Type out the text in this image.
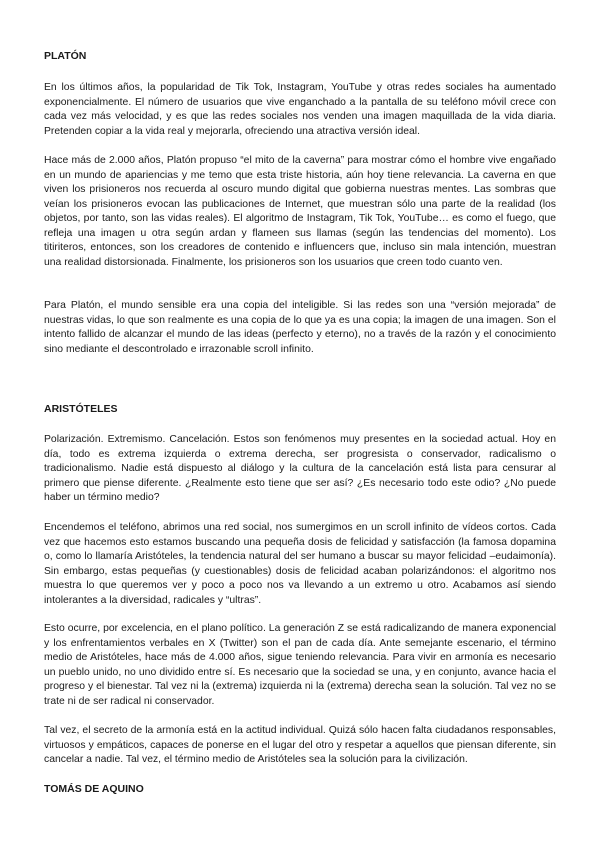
PLATÓN

En los últimos años, la popularidad de Tik Tok, Instagram, YouTube y otras redes sociales ha aumentado exponencialmente. El número de usuarios que vive enganchado a la pantalla de su teléfono móvil crece con cada vez más velocidad, y es que las redes sociales nos venden una imagen maquillada de la vida diaria. Pretenden copiar a la vida real y mejorarla, ofreciendo una atractiva versión ideal.

Hace más de 2.000 años, Platón propuso “el mito de la caverna” para mostrar cómo el hombre vive engañado en un mundo de apariencias y me temo que esta triste historia, aún hoy tiene relevancia. La caverna en que viven los prisioneros nos recuerda al oscuro mundo digital que gobierna nuestras mentes. Las sombras que veían los prisioneros evocan las publicaciones de Internet, que muestran sólo una parte de la realidad (los objetos, por tanto, son las vidas reales). El algoritmo de Instagram, Tik Tok, YouTube… es como el fuego, que refleja una imagen u otra según ardan y flameen sus llamas (según las tendencias del momento). Los titiriteros, entonces, son los creadores de contenido e influencers que, incluso sin mala intención, muestran una realidad distorsionada. Finalmente, los prisioneros son los usuarios que creen todo cuanto ven.

Para Platón, el mundo sensible era una copia del inteligible. Si las redes son una “versión mejorada” de nuestras vidas, lo que son realmente es una copia de lo que ya es una copia; la imagen de una imagen. Son el intento fallido de alcanzar el mundo de las ideas (perfecto y eterno), no a través de la razón y el conocimiento sino mediante el descontrolado e irrazonable scroll infinito.

ARISTÓTELES

Polarización. Extremismo. Cancelación. Estos son fenómenos muy presentes en la sociedad actual. Hoy en día, todo es extrema izquierda o extrema derecha, ser progresista o conservador, radicalismo o tradicionalismo. Nadie está dispuesto al diálogo y la cultura de la cancelación está lista para censurar al primero que piense diferente. ¿Realmente esto tiene que ser así? ¿Es necesario todo este odio? ¿No puede haber un término medio?

Encendemos el teléfono, abrimos una red social, nos sumergimos en un scroll infinito de vídeos cortos. Cada vez que hacemos esto estamos buscando una pequeña dosis de felicidad y satisfacción (la famosa dopamina o, como lo llamaría Aristóteles, la tendencia natural del ser humano a buscar su mayor felicidad –eudaimonía). Sin embargo, estas pequeñas (y cuestionables) dosis de felicidad acaban polarizándonos: el algoritmo nos muestra lo que queremos ver y poco a poco nos va llevando a un extremo u otro. Acabamos así siendo intolerantes a la diversidad, radicales y “ultras”.

Esto ocurre, por excelencia, en el plano político. La generación Z se está radicalizando de manera exponencial y los enfrentamientos verbales en X (Twitter) son el pan de cada día. Ante semejante escenario, el término medio de Aristóteles, hace más de 4.000 años, sigue teniendo relevancia. Para vivir en armonía es necesario un pueblo unido, no uno dividido entre sí. Es necesario que la sociedad se una, y en conjunto, avance hacia el progreso y el bienestar. Tal vez ni la (extrema) izquierda ni la (extrema) derecha sean la solución. Tal vez no se trate ni de ser radical ni conservador.

Tal vez, el secreto de la armonía está en la actitud individual. Quizá sólo hacen falta ciudadanos responsables, virtuosos y empáticos, capaces de ponerse en el lugar del otro y respetar a aquellos que piensan diferente, sin cancelar a nadie. Tal vez, el término medio de Aristóteles sea la solución para la civilización.

TOMÁS DE AQUINO
